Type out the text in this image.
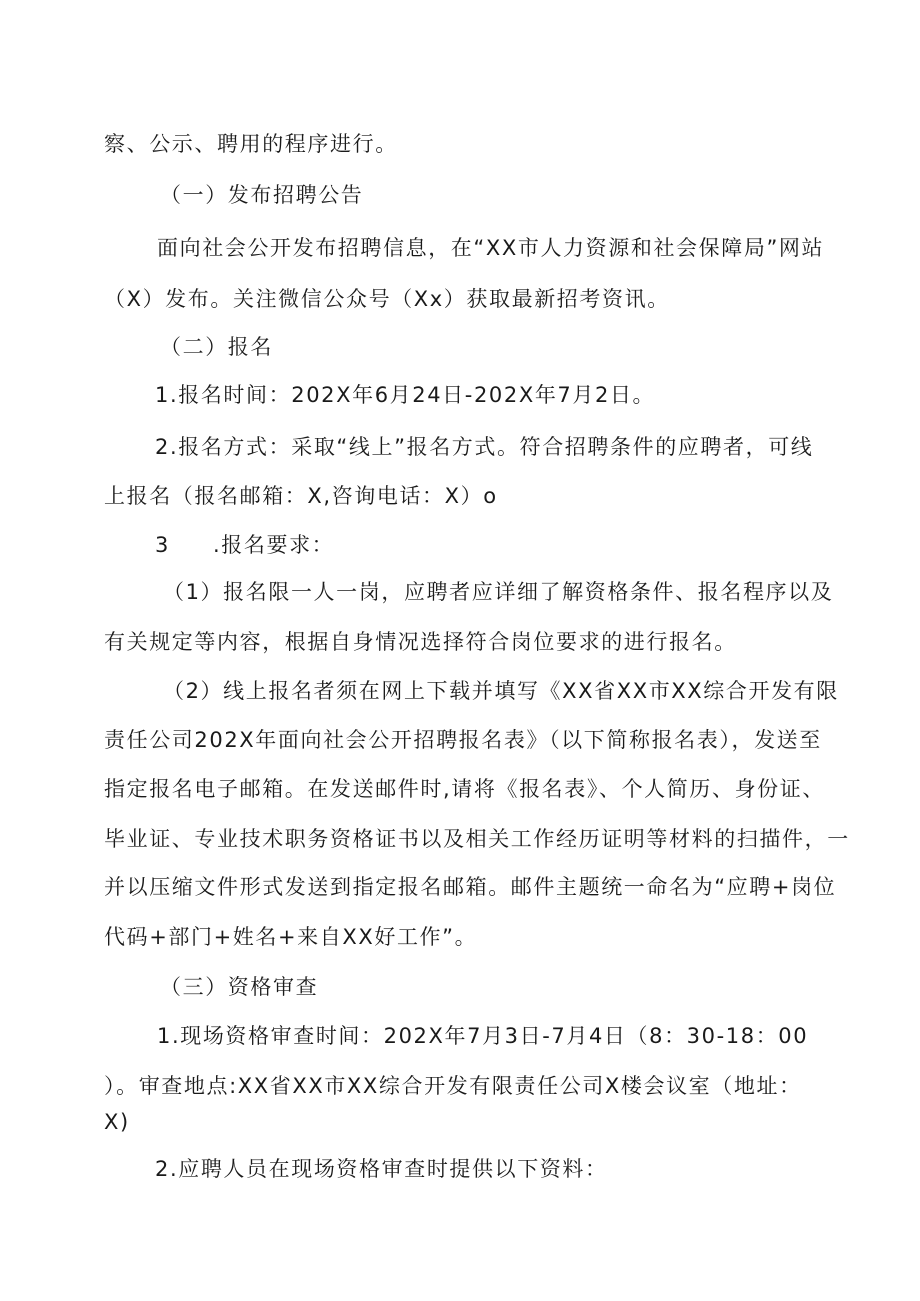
察、公示、聘用的程序进行。
（一）发布招聘公告
面向社会公开发布招聘信息，在“XX市人力资源和社会保障局”网站
（X）发布。关注微信公众号（Xx）获取最新招考资讯。
（二）报名
1.报名时间：202X年6月24日-202X年7月2日。
2.报名方式：采取“线上”报名方式。符合招聘条件的应聘者，可线
上报名（报名邮箱：X,咨询电话：X）o
3 .报名要求：
（1）报名限一人一岗，应聘者应详细了解资格条件、报名程序以及
有关规定等内容，根据自身情况选择符合岗位要求的进行报名。
（2）线上报名者须在网上下载并填写《XX省XX市XX综合开发有限
责任公司202X年面向社会公开招聘报名表》（以下简称报名表），发送至
指定报名电子邮箱。在发送邮件时,请将《报名表》、个人简历、身份证、
毕业证、专业技术职务资格证书以及相关工作经历证明等材料的扫描件，一
并以压缩文件形式发送到指定报名邮箱。邮件主题统一命名为“应聘+岗位
代码+部门+姓名+来自XX好工作”。
（三）资格审查
1.现场资格审查时间：202X年7月3日-7月4日（8：30-18：00
）。审查地点:XX省XX市XX综合开发有限责任公司X楼会议室（地址：
X)
2.应聘人员在现场资格审查时提供以下资料：
